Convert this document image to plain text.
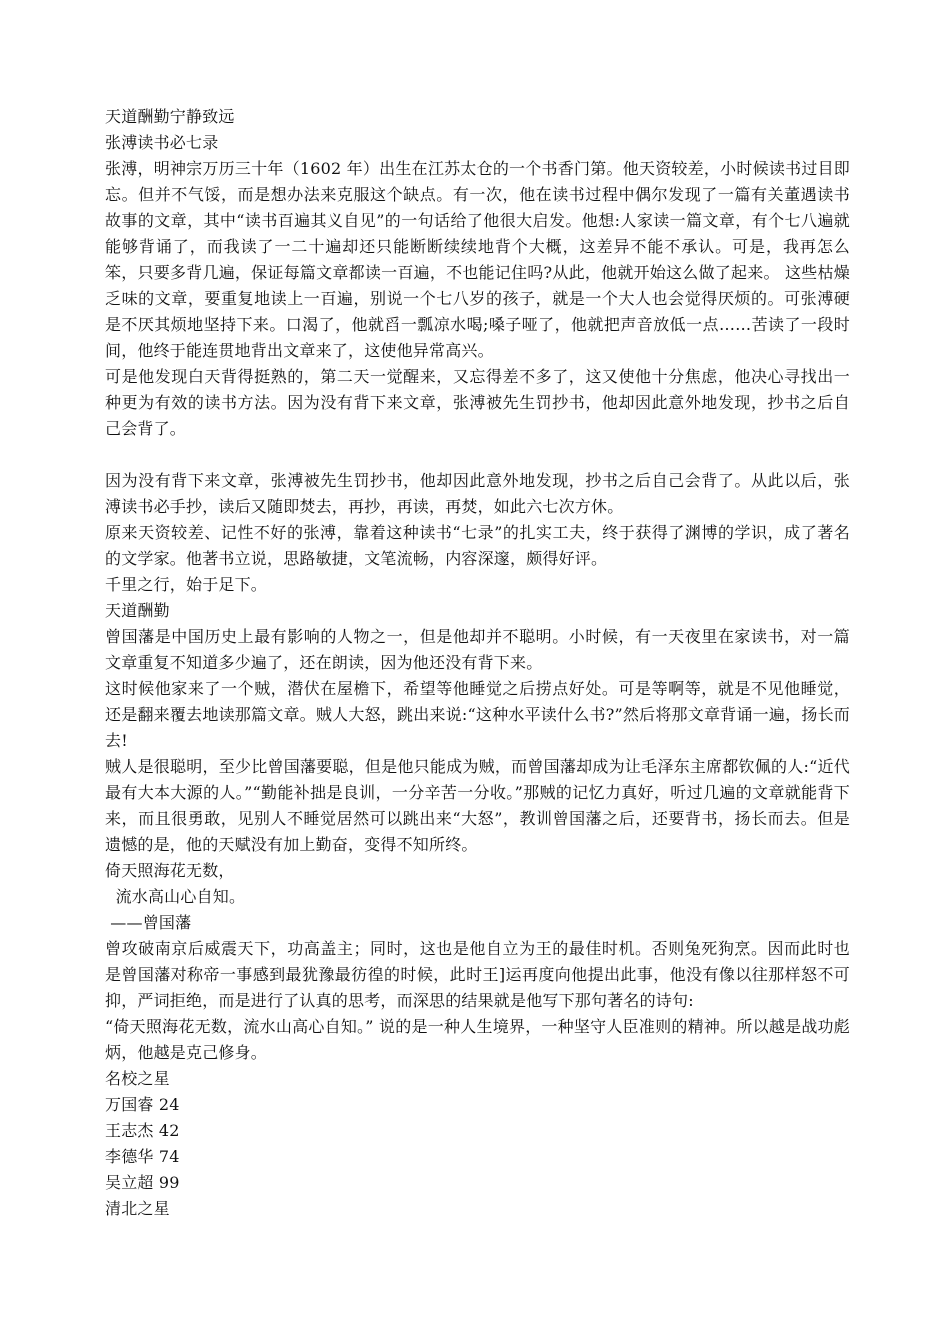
天道酬勤宁静致远
张溥读书必七录
张溥，明神宗万历三十年（1602 年）出生在江苏太仓的一个书香门第。他天资较差，小时候读书过目即忘。但并不气馁，而是想办法来克服这个缺点。有一次，他在读书过程中偶尔发现了一篇有关董遇读书故事的文章，其中“读书百遍其义自见”的一句话给了他很大启发。他想:人家读一篇文章，有个七八遍就能够背诵了，而我读了一二十遍却还只能断断续续地背个大概，这差异不能不承认。可是，我再怎么笨，只要多背几遍，保证每篇文章都读一百遍，不也能记住吗?从此，他就开始这么做了起来。 这些枯燥乏味的文章，要重复地读上一百遍，别说一个七八岁的孩子，就是一个大人也会觉得厌烦的。可张溥硬是不厌其烦地坚持下来。口渴了，他就舀一瓢凉水喝;嗓子哑了，他就把声音放低一点……苦读了一段时间，他终于能连贯地背出文章来了，这使他异常高兴。
可是他发现白天背得挺熟的，第二天一觉醒来，又忘得差不多了，这又使他十分焦虑，他决心寻找出一种更为有效的读书方法。因为没有背下来文章，张溥被先生罚抄书，他却因此意外地发现，抄书之后自己会背了。
因为没有背下来文章，张溥被先生罚抄书，他却因此意外地发现，抄书之后自己会背了。从此以后，张溥读书必手抄，读后又随即焚去，再抄，再读，再焚，如此六七次方休。
原来天资较差、记性不好的张溥，靠着这种读书“七录”的扎实工夫，终于获得了渊博的学识，成了著名的文学家。他著书立说，思路敏捷，文笔流畅，内容深邃，颇得好评。
千里之行，始于足下。
天道酬勤
曾国藩是中国历史上最有影响的人物之一，但是他却并不聪明。小时候，有一天夜里在家读书，对一篇文章重复不知道多少遍了，还在朗读，因为他还没有背下来。
这时候他家来了一个贼，潜伏在屋檐下，希望等他睡觉之后捞点好处。可是等啊等，就是不见他睡觉，还是翻来覆去地读那篇文章。贼人大怒，跳出来说:“这种水平读什么书?”然后将那文章背诵一遍，扬长而去!
贼人是很聪明，至少比曾国藩要聪，但是他只能成为贼，而曾国藩却成为让毛泽东主席都钦佩的人:“近代最有大本大源的人。”“勤能补拙是良训，一分辛苦一分收。”那贼的记忆力真好，听过几遍的文章就能背下来，而且很勇敢，见别人不睡觉居然可以跳出来“大怒”，教训曾国藩之后，还要背书，扬长而去。但是遗憾的是，他的天赋没有加上勤奋，变得不知所终。
倚天照海花无数，
流水高山心自知。
——曾国藩
曾攻破南京后威震天下，功高盖主；同时，这也是他自立为王的最佳时机。否则兔死狗烹。因而此时也是曾国藩对称帝一事感到最犹豫最彷徨的时候，此时王]运再度向他提出此事，他没有像以往那样怒不可抑，严词拒绝，而是进行了认真的思考，而深思的结果就是他写下那句著名的诗句:
“倚天照海花无数，流水山高心自知。” 说的是一种人生境界，一种坚守人臣准则的精神。所以越是战功彪炳，他越是克己修身。
名校之星
万国睿 24
王志杰 42
李德华 74
吴立超 99
清北之星
